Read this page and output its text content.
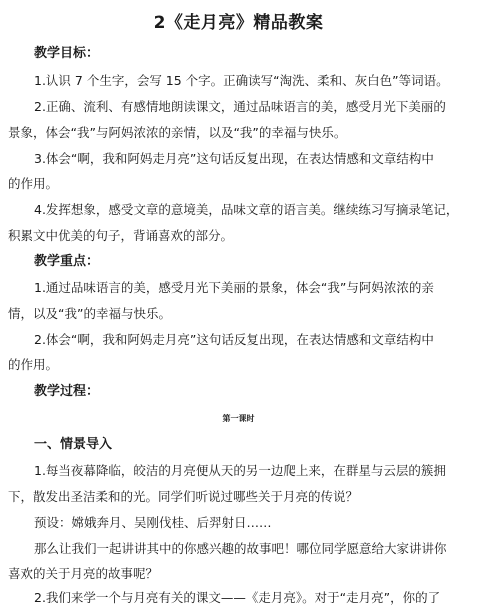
2《走月亮》精品教案
教学目标：
1.认识 7 个生字，会写 15 个字。正确读写“淘洗、柔和、灰白色”等词语。
2.正确、流利、有感情地朗读课文，通过品味语言的美，感受月光下美丽的
景象，体会“我”与阿妈浓浓的亲情，以及“我”的幸福与快乐。
3.体会“啊，我和阿妈走月亮”这句话反复出现，在表达情感和文章结构中
的作用。
4.发挥想象，感受文章的意境美，品味文章的语言美。继续练习写摘录笔记，
积累文中优美的句子，背诵喜欢的部分。
教学重点：
1.通过品味语言的美，感受月光下美丽的景象，体会“我”与阿妈浓浓的亲
情，以及“我”的幸福与快乐。
2.体会“啊，我和阿妈走月亮”这句话反复出现，在表达情感和文章结构中
的作用。
教学过程：
第一课时
一、情景导入
1.每当夜幕降临，皎洁的月亮便从天的另一边爬上来，在群星与云层的簇拥
下，散发出圣洁柔和的光。同学们听说过哪些关于月亮的传说？
预设：嫦娥奔月、吴刚伐桂、后羿射日……
那么让我们一起讲讲其中的你感兴趣的故事吧！哪位同学愿意给大家讲讲你
喜欢的关于月亮的故事呢？
2.我们来学一个与月亮有关的课文——《走月亮》。对于“走月亮”，你的了
